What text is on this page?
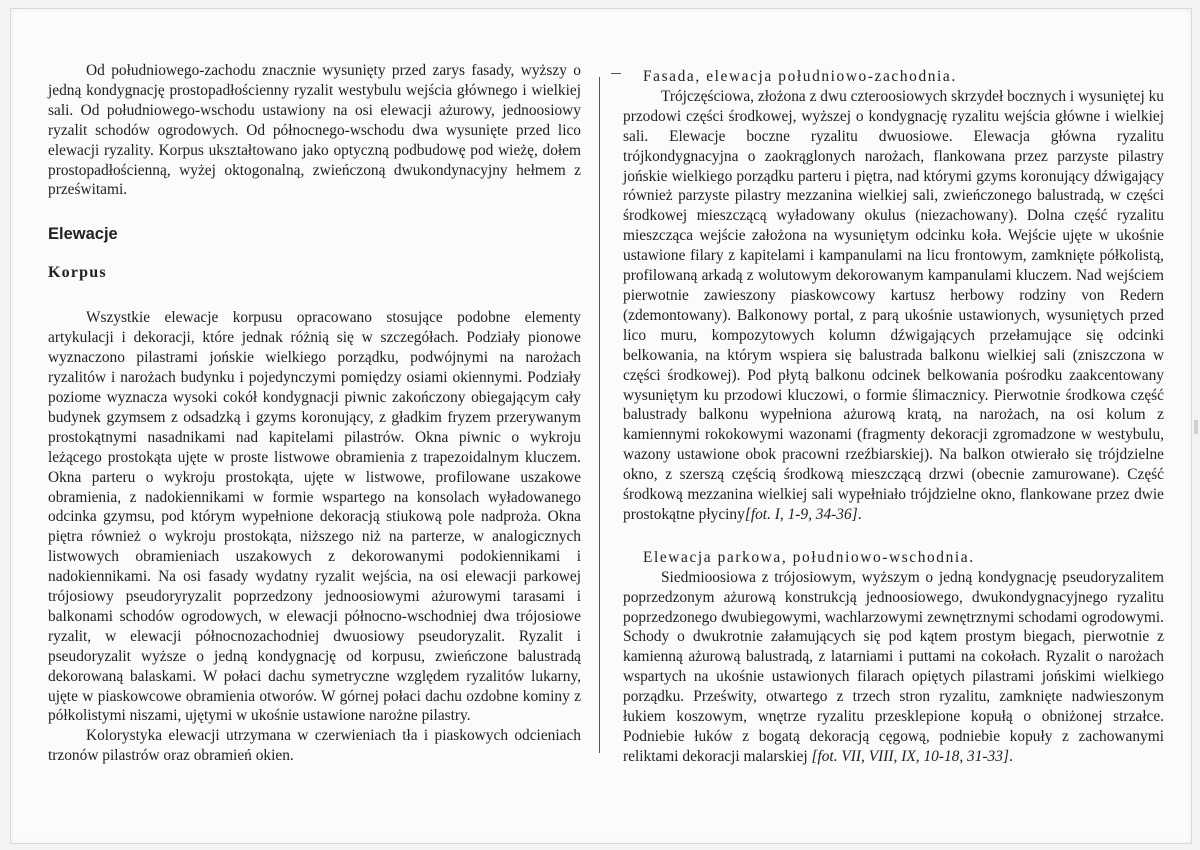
Od południowego-zachodu znacznie wysunięty przed zarys fasady, wyższy o jedną kondygnację prostopadłościenny ryzalit westybulu wejścia głównego i wielkiej sali. Od południowego-wschodu ustawiony na osi elewacji ażurowy, jednoosiowy ryzalit schodów ogrodowych. Od północnego-wschodu dwa wysunięte przed lico elewacji ryzality. Korpus ukształtowano jako optyczną podbudowę pod wieżę, dołem prostopadłościenną, wyżej oktogonalną, zwieńczoną dwukondynacyjny hełmem z prześwitami.

Elewacje
Korpus

Wszystkie elewacje korpusu opracowano stosujące podobne elementy artykulacji i dekoracji, które jednak różnią się w szczegółach. Podziały pionowe wyznaczono pilastrami jońskie wielkiego porządku, podwójnymi na narożach ryzalitów i narożach budynku i pojedynczymi pomiędzy osiami okiennymi. Podziały poziome wyznacza wysoki cokół kondygnacji piwnic zakończony obiegającym cały budynek gzymsem z odsadzką i gzyms koronujący, z gładkim fryzem przerywanym prostokątnymi nasadnikami nad kapitelami pilastrów. Okna piwnic o wykroju leżącego prostokąta ujęte w proste listwowe obramienia z trapezoidalnym kluczem. Okna parteru o wykroju prostokąta, ujęte w listwowe, profilowane uszakowe obramienia, z nadokiennikami w formie wspartego na konsolach wyładowanego odcinka gzymsu, pod którym wypełnione dekoracją stiukową pole nadproża. Okna piętra również o wykroju prostokąta, niższego niż na parterze, w analogicznych listwowych obramieniach uszakowych z dekorowanymi podokiennikami i nadokiennikami. Na osi fasady wydatny ryzalit wejścia, na osi elewacji parkowej trójosiowy pseudoryryzalit poprzedzony jednoosiowymi ażurowymi tarasami i balkonami schodów ogrodowych, w elewacji północno-wschodniej dwa trójosiowe ryzalit, w elewacji północnozachodniej dwuosiowy pseudoryzalit. Ryzalit i pseudoryzalit wyższe o jedną kondygnację od korpusu, zwieńczone balustradą dekorowaną balaskami. W połaci dachu symetryczne względem ryzalitów lukarny, ujęte w piaskowcowe obramienia otworów. W górnej połaci dachu ozdobne kominy z półkolistymi niszami, ujętymi w ukośnie ustawione narożne pilastry.

Kolorystyka elewacji utrzymana w czerwieniach tła i piaskowych odcieniach trzonów pilastrów oraz obramień okien.

Fasada, elewacja południowo-zachodnia.

Trójczęściowa, złożona z dwu czteroosiowych skrzydeł bocznych i wysuniętej ku przodowi części środkowej, wyższej o kondygnację ryzalitu wejścia główne i wielkiej sali. Elewacje boczne ryzalitu dwuosiowe. Elewacja główna ryzalitu trójkondygnacyjna o zaokrąglonych narożach, flankowana przez parzyste pilastry jońskie wielkiego porządku parteru i piętra, nad którymi gzyms koronujący dźwigający również parzyste pilastry mezzanina wielkiej sali, zwieńczonego balustradą, w części środkowej mieszczącą wyładowany okulus (niezachowany). Dolna część ryzalitu mieszcząca wejście założona na wysuniętym odcinku koła. Wejście ujęte w ukośnie ustawione filary z kapitelami i kampanulami na licu frontowym, zamknięte półkolistą, profilowaną arkadą z wolutowym dekorowanym kampanulami kluczem. Nad wejściem pierwotnie zawieszony piaskowcowy kartusz herbowy rodziny von Redern (zdemontowany). Balkonowy portal, z parą ukośnie ustawionych, wysuniętych przed lico muru, kompozytowych kolumn dźwigających przełamujące się odcinki belkowania, na którym wspiera się balustrada balkonu wielkiej sali (zniszczona w części środkowej). Pod płytą balkonu odcinek belkowania pośrodku zaakcentowany wysuniętym ku przodowi kluczowi, o formie ślimacznicy. Pierwotnie środkowa część balustrady balkonu wypełniona ażurową kratą, na narożach, na osi kolum z kamiennymi rokokowymi wazonami (fragmenty dekoracji zgromadzone w westybulu, wazony ustawione obok pracowni rzeźbiarskiej). Na balkon otwierało się trójdzielne okno, z szerszą częścią środkową mieszczącą drzwi (obecnie zamurowane). Część środkową mezzanina wielkiej sali wypełniało trójdzielne okno, flankowane przez dwie prostokątne płyciny[fot. I, 1-9, 34-36].

Elewacja parkowa, południowo-wschodnia.

Siedmioosiowa z trójosiowym, wyższym o jedną kondygnację pseudoryzalitem poprzedzonym ażurową konstrukcją jednoosiowego, dwukondygnacyjnego ryzalitu poprzedzonego dwubiegowymi, wachlarzowymi zewnętrznymi schodami ogrodowymi. Schody o dwukrotnie załamujących się pod kątem prostym biegach, pierwotnie z kamienną ażurową balustradą, z latarniami i puttami na cokołach. Ryzalit o narożach wspartych na ukośnie ustawionych filarach opiętych pilastrami jońskimi wielkiego porządku. Prześwity, otwartego z trzech stron ryzalitu, zamknięte nadwieszonym łukiem koszowym, wnętrze ryzalitu przesklepione kopułą o obniżonej strzałce. Podniebie łuków z bogatą dekoracją cęgową, podniebie kopuły z zachowanymi reliktami dekoracji malarskiej [fot. VII, VIII, IX, 10-18, 31-33].
